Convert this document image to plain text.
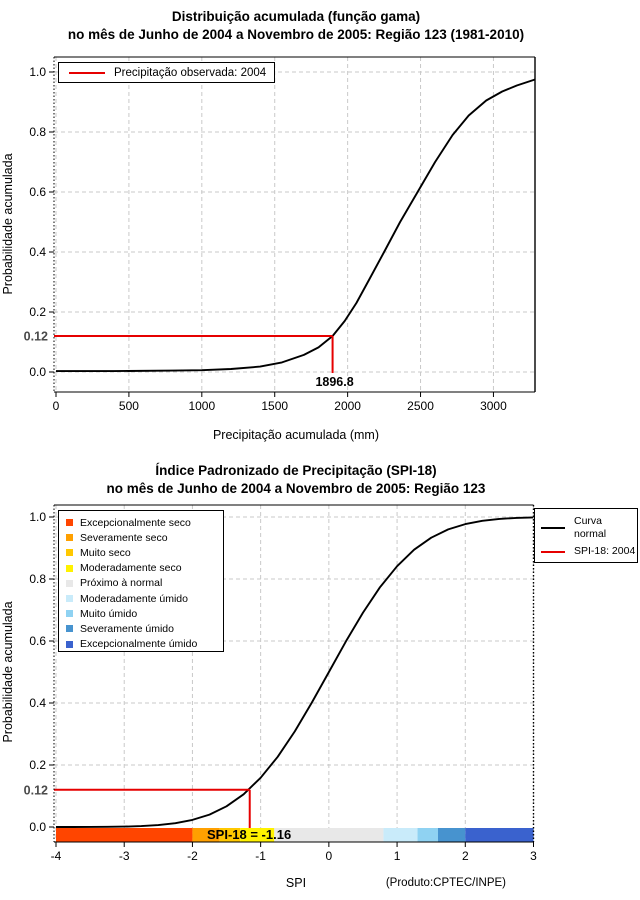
Distribuição acumulada (função gama)
no mês de Junho de 2004 a Novembro de 2005: Região 123 (1981-2010)
0	500	1000	1500	2000	2500	3000
0.0
0.2
0.4
0.6
0.8
1.0
0.12
1896.8
Precipitação observada: 2004
Probabilidade acumulada
Precipitação acumulada (mm)
Índice Padronizado de Precipitação (SPI-18)
no mês de Junho de 2004 a Novembro de 2005: Região 123
-4	-3	-2	-1	0	1	2	3
0.0
0.2
0.4
0.6
0.8
1.0
0.12
SPI-18 = -1.16
Excepcionalmente seco
Severamente seco
Muito seco
Moderadamente seco
Próximo à normal
Moderadamente úmido
Muito úmido
Severamente úmido
Excepcionalmente úmido
Curva normal
SPI-18: 2004
Probabilidade acumulada
SPI	(Produto:CPTEC/INPE)
